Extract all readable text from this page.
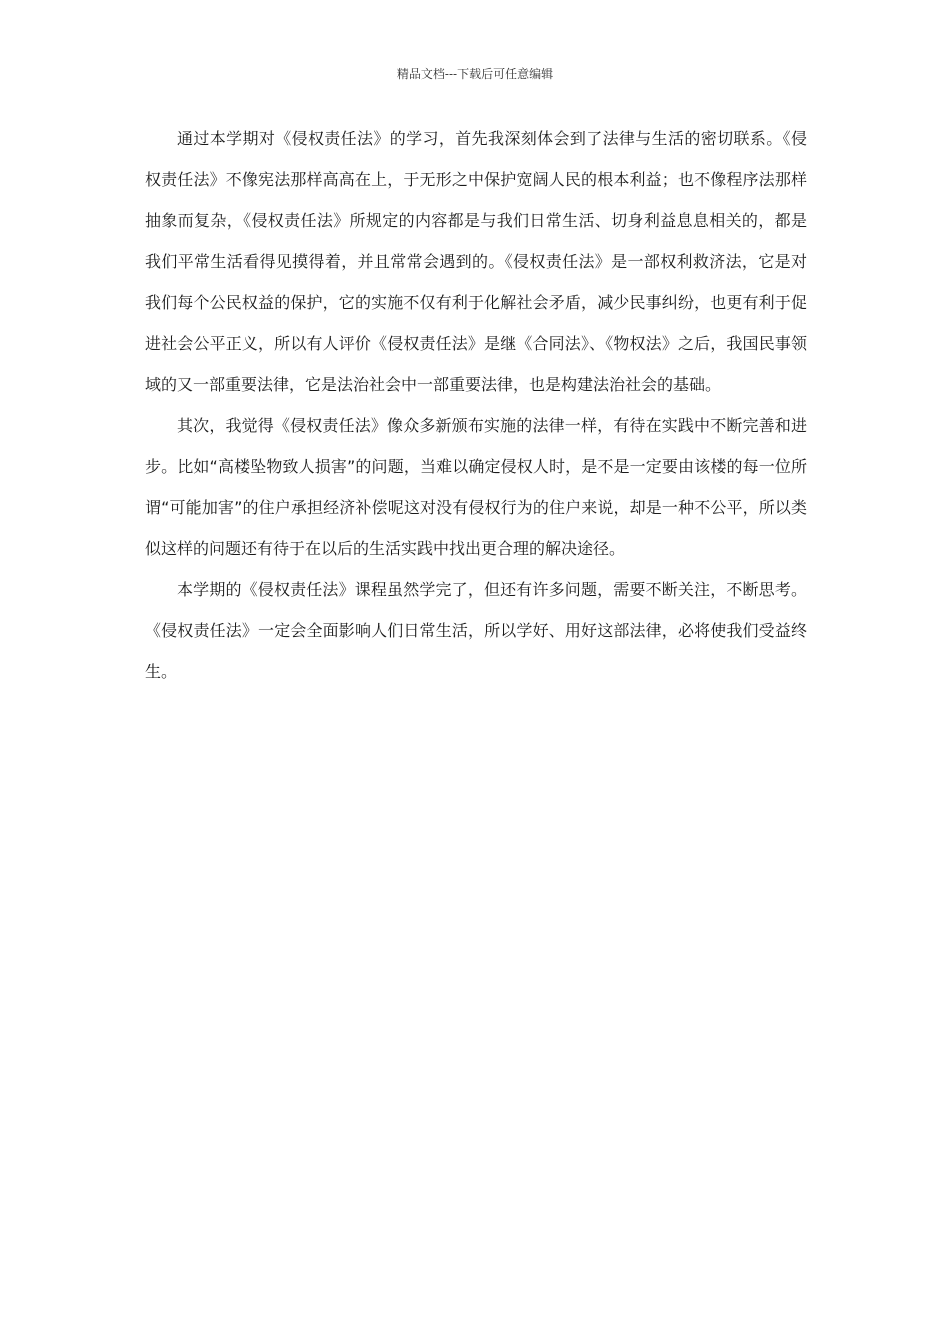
精品文档---下载后可任意编辑

通过本学期对《侵权责任法》的学习，首先我深刻体会到了法律与生活的密切联系。《侵权责任法》不像宪法那样高高在上，于无形之中保护宽阔人民的根本利益；也不像程序法那样抽象而复杂，《侵权责任法》所规定的内容都是与我们日常生活、切身利益息息相关的，都是我们平常生活看得见摸得着，并且常常会遇到的。《侵权责任法》是一部权利救济法，它是对我们每个公民权益的保护，它的实施不仅有利于化解社会矛盾，减少民事纠纷，也更有利于促进社会公平正义，所以有人评价《侵权责任法》是继《合同法》、《物权法》之后，我国民事领域的又一部重要法律，它是法治社会中一部重要法律，也是构建法治社会的基础。

其次，我觉得《侵权责任法》像众多新颁布实施的法律一样，有待在实践中不断完善和进步。比如“高楼坠物致人损害”的问题，当难以确定侵权人时，是不是一定要由该楼的每一位所谓“可能加害”的住户承担经济补偿呢这对没有侵权行为的住户来说，却是一种不公平，所以类似这样的问题还有待于在以后的生活实践中找出更合理的解决途径。

本学期的《侵权责任法》课程虽然学完了，但还有许多问题，需要不断关注，不断思考。《侵权责任法》一定会全面影响人们日常生活，所以学好、用好这部法律，必将使我们受益终生。
